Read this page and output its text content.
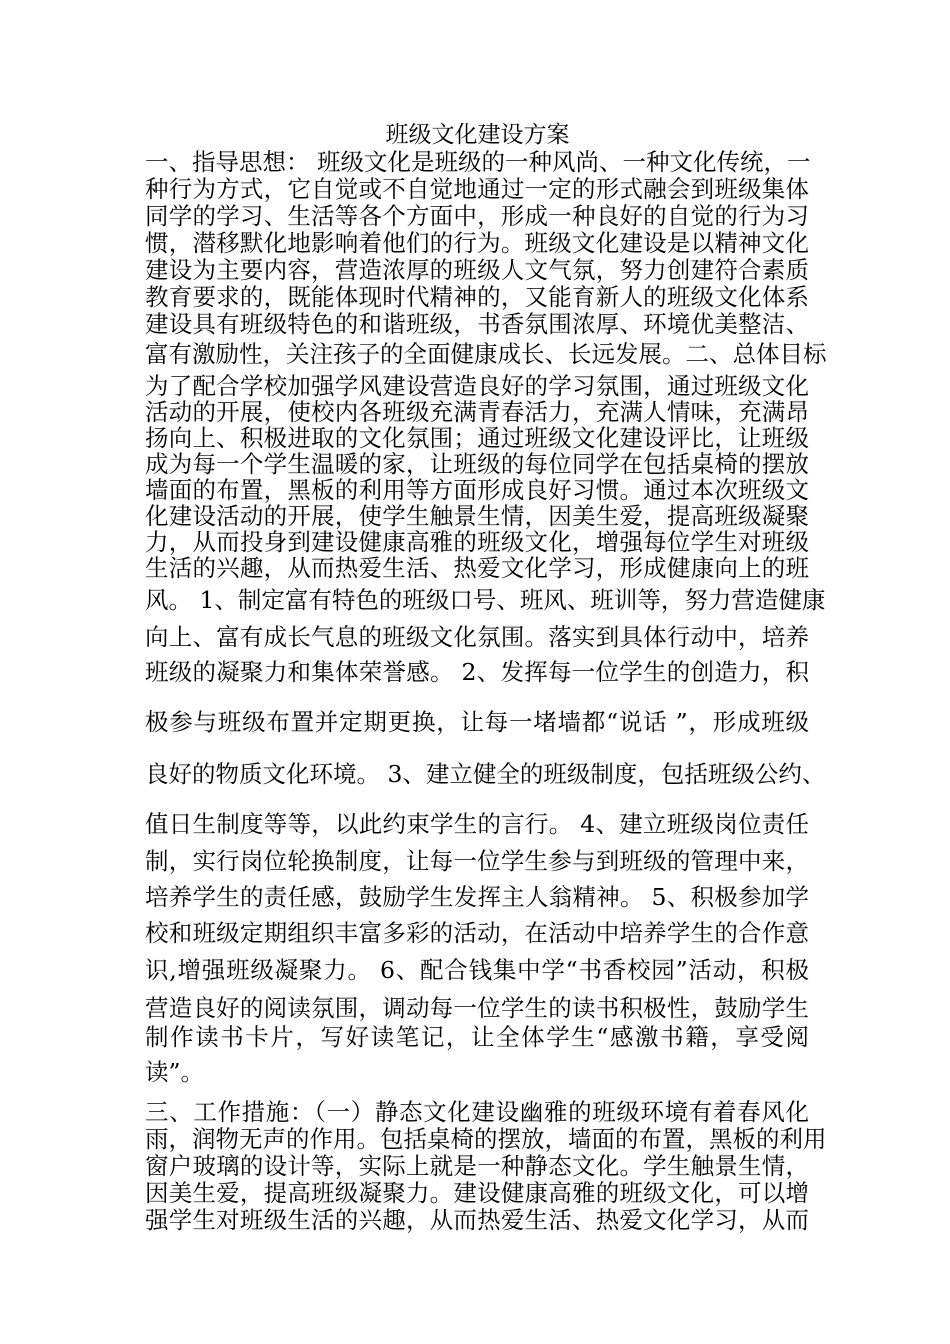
班级文化建设方案
一、指导思想： 班级文化是班级的一种风尚、一种文化传统，一
种行为方式，它自觉或不自觉地通过一定的形式融会到班级集体
同学的学习、生活等各个方面中，形成一种良好的自觉的行为习
惯，潜移默化地影响着他们的行为。班级文化建设是以精神文化
建设为主要内容，营造浓厚的班级人文气氛，努力创建符合素质
教育要求的，既能体现时代精神的，又能育新人的班级文化体系
建设具有班级特色的和谐班级，书香氛围浓厚、环境优美整洁、
富有激励性，关注孩子的全面健康成长、长远发展。二、总体目标
为了配合学校加强学风建设营造良好的学习氛围，通过班级文化
活动的开展，使校内各班级充满青春活力，充满人情味，充满昂
扬向上、积极进取的文化氛围；通过班级文化建设评比，让班级
成为每一个学生温暖的家，让班级的每位同学在包括桌椅的摆放
墙面的布置，黑板的利用等方面形成良好习惯。通过本次班级文
化建设活动的开展，使学生触景生情，因美生爱，提高班级凝聚
力，从而投身到建设健康高雅的班级文化，增强每位学生对班级
生活的兴趣，从而热爱生活、热爱文化学习，形成健康向上的班
风。 1、制定富有特色的班级口号、班风、班训等，努力营造健康
向上、富有成长气息的班级文化氛围。落实到具体行动中，培养
班级的凝聚力和集体荣誉感。 2、发挥每一位学生的创造力，积
极参与班级布置并定期更换，让每一堵墙都“说话 ”，形成班级
良好的物质文化环境。 3、建立健全的班级制度，包括班级公约、
值日生制度等等，以此约束学生的言行。 4、建立班级岗位责任
制，实行岗位轮换制度，让每一位学生参与到班级的管理中来，
培养学生的责任感，鼓励学生发挥主人翁精神。 5、积极参加学
校和班级定期组织丰富多彩的活动，在活动中培养学生的合作意
识,增强班级凝聚力。 6、配合钱集中学“书香校园”活动，积极
营造良好的阅读氛围，调动每一位学生的读书积极性，鼓励学生
制作读书卡片，写好读笔记，让全体学生“感激书籍，享受阅
读”。
三、工作措施：（一）静态文化建设幽雅的班级环境有着春风化
雨，润物无声的作用。包括桌椅的摆放，墙面的布置，黑板的利用
窗户玻璃的设计等，实际上就是一种静态文化。学生触景生情，
因美生爱，提高班级凝聚力。建设健康高雅的班级文化，可以增
强学生对班级生活的兴趣，从而热爱生活、热爱文化学习，从而
